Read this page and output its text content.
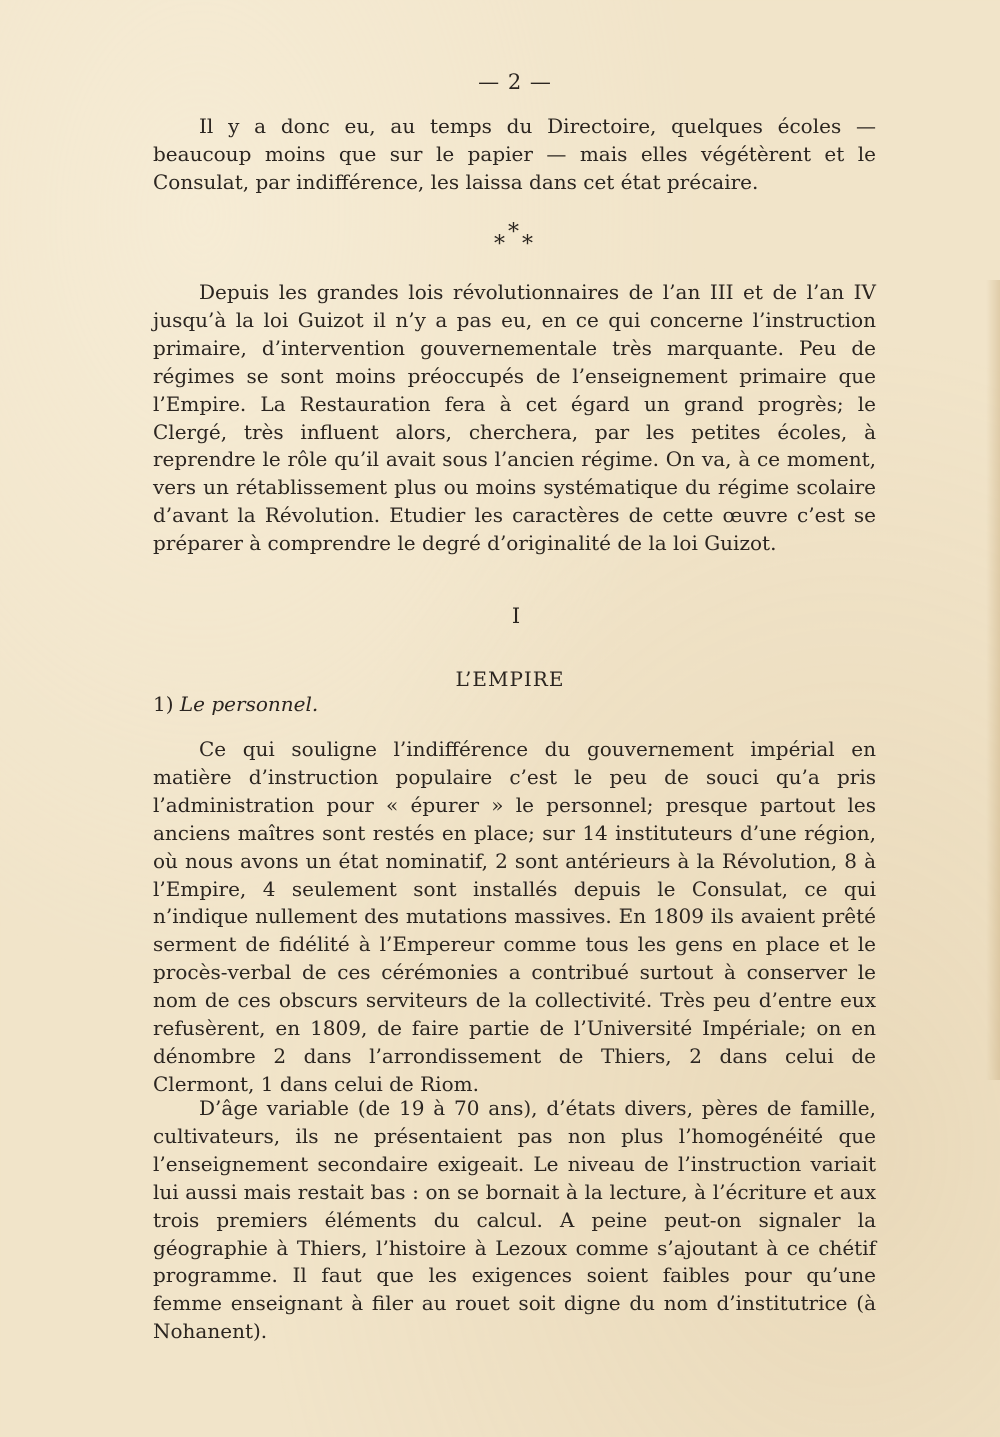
— 2 —

Il y a donc eu, au temps du Directoire, quelques écoles — beaucoup moins que sur le papier — mais elles végétèrent et le Consulat, par indifférence, les laissa dans cet état précaire.

*
* *

Depuis les grandes lois révolutionnaires de l’an III et de l’an IV jusqu’à la loi Guizot il n’y a pas eu, en ce qui concerne l’instruction primaire, d’intervention gouvernementale très marquante. Peu de régimes se sont moins préoccupés de l’enseignement primaire que l’Empire. La Restauration fera à cet égard un grand progrès; le Clergé, très influent alors, cherchera, par les petites écoles, à reprendre le rôle qu’il avait sous l’ancien régime. On va, à ce moment, vers un rétablissement plus ou moins systématique du régime scolaire d’avant la Révolution. Etudier les caractères de cette œuvre c’est se préparer à comprendre le degré d’originalité de la loi Guizot.

I
L’EMPIRE
1) Le personnel.

Ce qui souligne l’indifférence du gouvernement impérial en matière d’instruction populaire c’est le peu de souci qu’a pris l’administration pour « épurer » le personnel; presque partout les anciens maîtres sont restés en place; sur 14 instituteurs d’une région, où nous avons un état nominatif, 2 sont antérieurs à la Révolution, 8 à l’Empire, 4 seulement sont installés depuis le Consulat, ce qui n’indique nullement des mutations massives. En 1809 ils avaient prêté serment de fidélité à l’Empereur comme tous les gens en place et le procès-verbal de ces cérémonies a contribué surtout à conserver le nom de ces obscurs serviteurs de la collectivité. Très peu d’entre eux refusèrent, en 1809, de faire partie de l’Université Impériale; on en dénombre 2 dans l’arrondissement de Thiers, 2 dans celui de Clermont, 1 dans celui de Riom.

D’âge variable (de 19 à 70 ans), d’états divers, pères de famille, cultivateurs, ils ne présentaient pas non plus l’homogénéité que l’enseignement secondaire exigeait. Le niveau de l’instruction variait lui aussi mais restait bas : on se bornait à la lecture, à l’écriture et aux trois premiers éléments du calcul. A peine peut-on signaler la géographie à Thiers, l’histoire à Lezoux comme s’ajoutant à ce chétif programme. Il faut que les exigences soient faibles pour qu’une femme enseignant à filer au rouet soit digne du nom d’institutrice (à Nohanent).
